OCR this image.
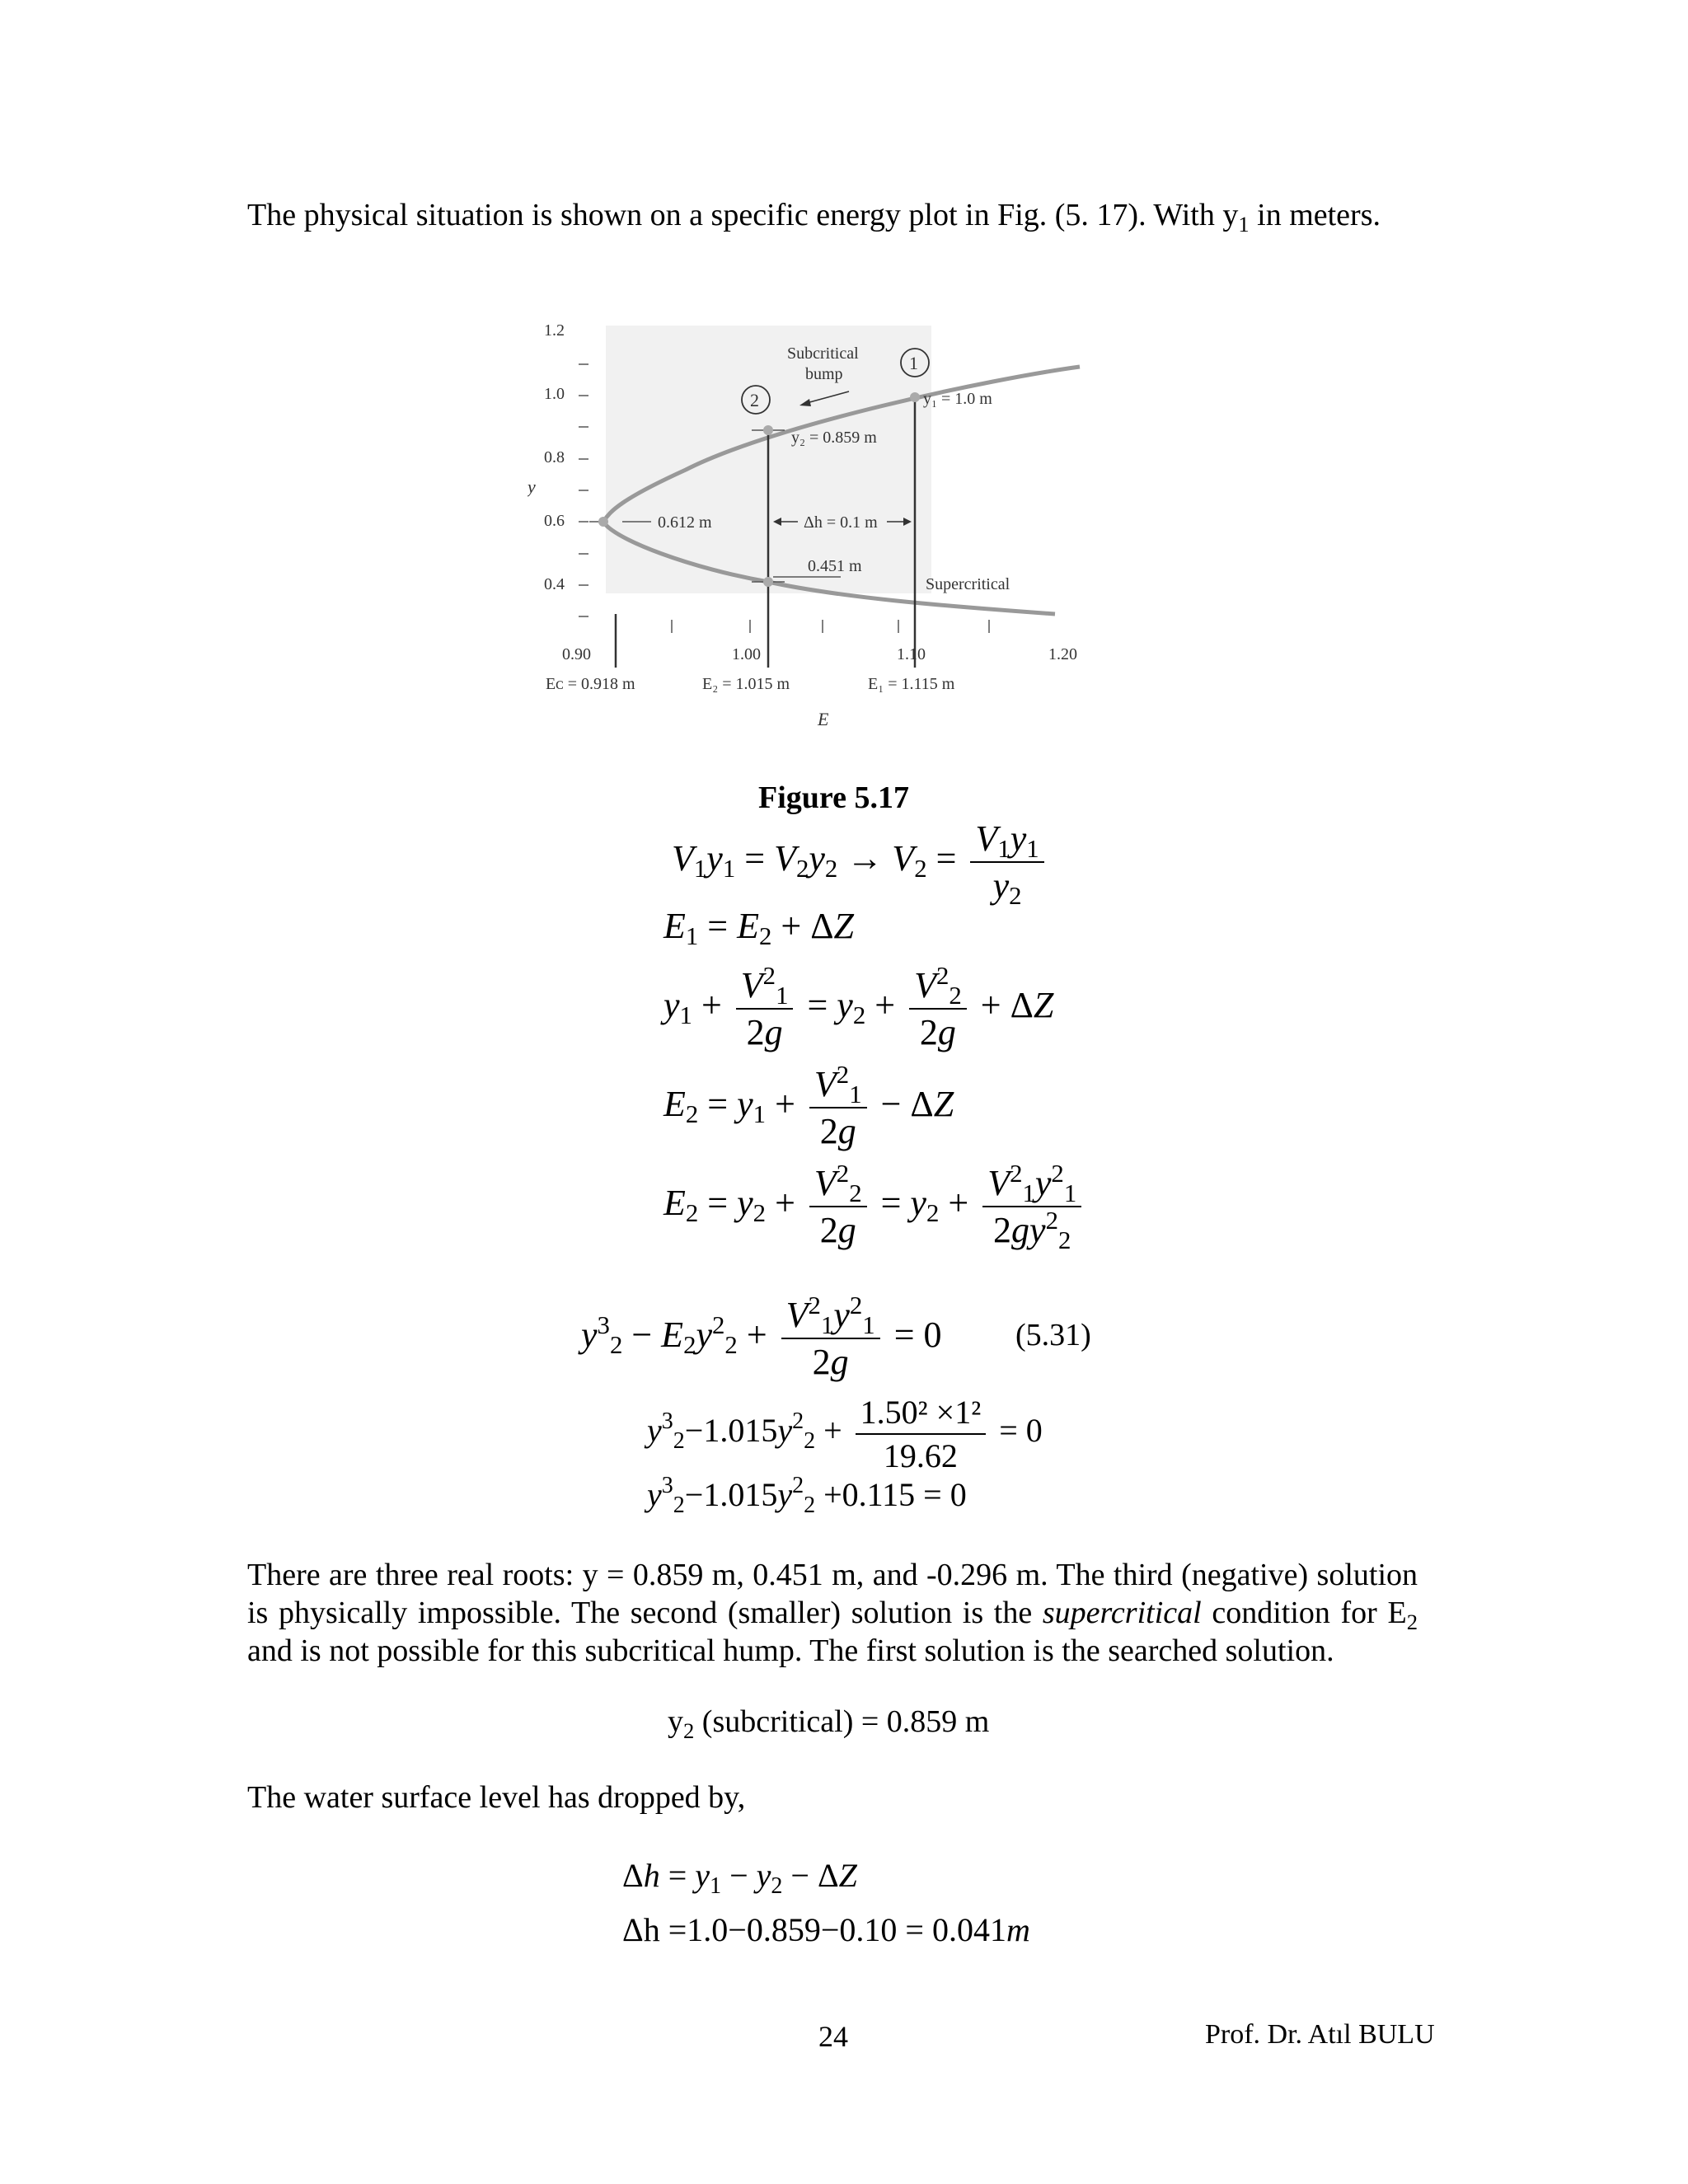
The physical situation is shown on a specific energy plot in Fig. (5. 17). With $y_1$ in meters.
1.2
1.0
0.8
0.6
0.4
y
2
1
Subcritical
bump
y₁ = 1.0 m
y₂ = 0.859 m
0.612 m	Δh = 0.1 m
0.451 m
Supercritical
0.90	1.00	1.10	1.20
Eᴄ = 0.918 m	E₂ = 1.015 m	E₁ = 1.115 m
E
Figure 5.17
$V_1y_1 = V_2y_2 \to V_2 = \frac{V_1y_1}{y_2}$
$E_1 = E_2 + \Delta Z$
$y_1 + \frac{V^2_1}{2g} = y_2 + \frac{V^2_2}{2g} + \Delta Z$
$E_2 = y_1 + \frac{V^2_1}{2g} - \Delta Z$
$E_2 = y_2 + \frac{V^2_2}{2g} = y_2 + \frac{V^2_1y^2_1}{2gy^2_2}$
$y^3_2 - E_2y^2_2 + \frac{V^2_1y^2_1}{2g} = 0$ (5.31)
$y^3_2-1.015y^2_2 + \frac{\text{1.50² ×1²}}{19.62} = 0$
$y^3_2-1.015y^2_2 +0.115 = 0$
There are three real roots: y = 0.859 m, 0.451 m, and -0.296 m. The third (negative) solution is physically impossible. The second (smaller) solution is the supercritical condition for $E_2$ and is not possible for this subcritical hump. The first solution is the searched solution.
$y_2$ (subcritical) = 0.859 m
The water surface level has dropped by,
$\Delta h = y_1 - y_2 - \Delta Z$
Δh =1.0−0.859−0.10 = 0.041m
24	Prof. Dr. Atıl BULU
